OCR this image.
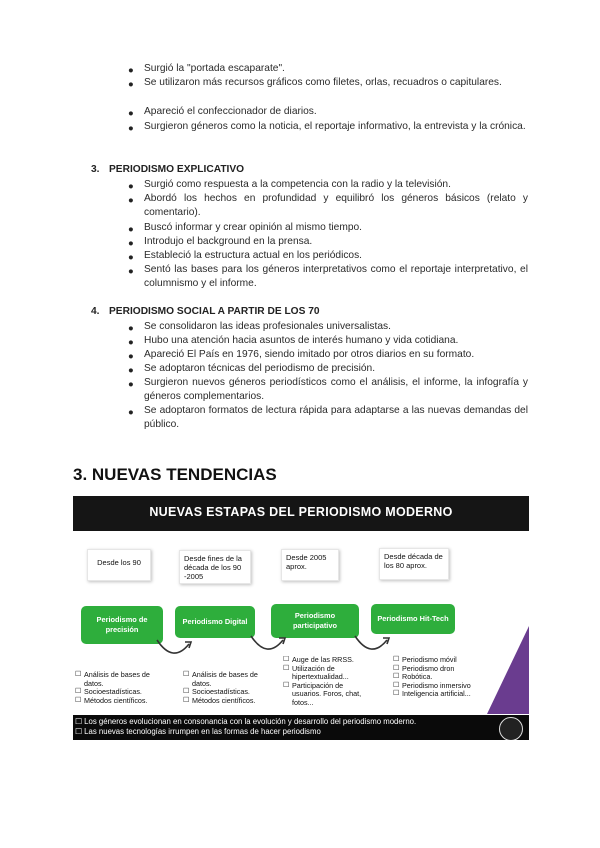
● Surgió la "portada escaparate".
● Se utilizaron más recursos gráficos como filetes, orlas, recuadros o capitulares.
● Apareció el confeccionador de diarios.
● Surgieron géneros como la noticia, el reportaje informativo, la entrevista y la crónica.
3. PERIODISMO EXPLICATIVO
● Surgió como respuesta a la competencia con la radio y la televisión.
● Abordó los hechos en profundidad y equilibró los géneros básicos (relato y comentario).
● Buscó informar y crear opinión al mismo tiempo.
● Introdujo el background en la prensa.
● Estableció la estructura actual en los periódicos.
● Sentó las bases para los géneros interpretativos como el reportaje interpretativo, el columnismo y el informe.
4. PERIODISMO SOCIAL A PARTIR DE LOS 70
● Se consolidaron las ideas profesionales universalistas.
● Hubo una atención hacia asuntos de interés humano y vida cotidiana.
● Apareció El País en 1976, siendo imitado por otros diarios en su formato.
● Se adoptaron técnicas del periodismo de precisión.
● Surgieron nuevos géneros periodísticos como el análisis, el informe, la infografía y géneros complementarios.
● Se adoptaron formatos de lectura rápida para adaptarse a las nuevas demandas del público.
3. NUEVAS TENDENCIAS
NUEVAS ESTAPAS DEL PERIODISMO MODERNO
Desde los 90	Desde fines de la década de los 90 -2005
Desde 2005 aprox.
Desde década de los 80 aprox.
Periodismo de precisión
Periodismo Digital
Periodismo participativo
Periodismo Hit-Tech
☐ Análisis de bases de datos.
☐ Socioestadísticas.
☐ Métodos científicos.
☐ Análisis de bases de datos.
☐ Socioestadísticas.
☐ Métodos científicos.
☐ Auge de las RRSS.
☐ Utilización de hipertextualidad...
☐ Participación de usuarios. Foros, chat, fotos...
☐ Periodismo móvil
☐ Periodismo dron
☐ Robótica.
☐ Periodismo inmersivo
☐ Inteligencia artificial...
☐ Los géneros evolucionan en consonancia con la evolución y desarrollo del periodismo moderno.
☐ Las nuevas tecnologías irrumpen en las formas de hacer periodismo
